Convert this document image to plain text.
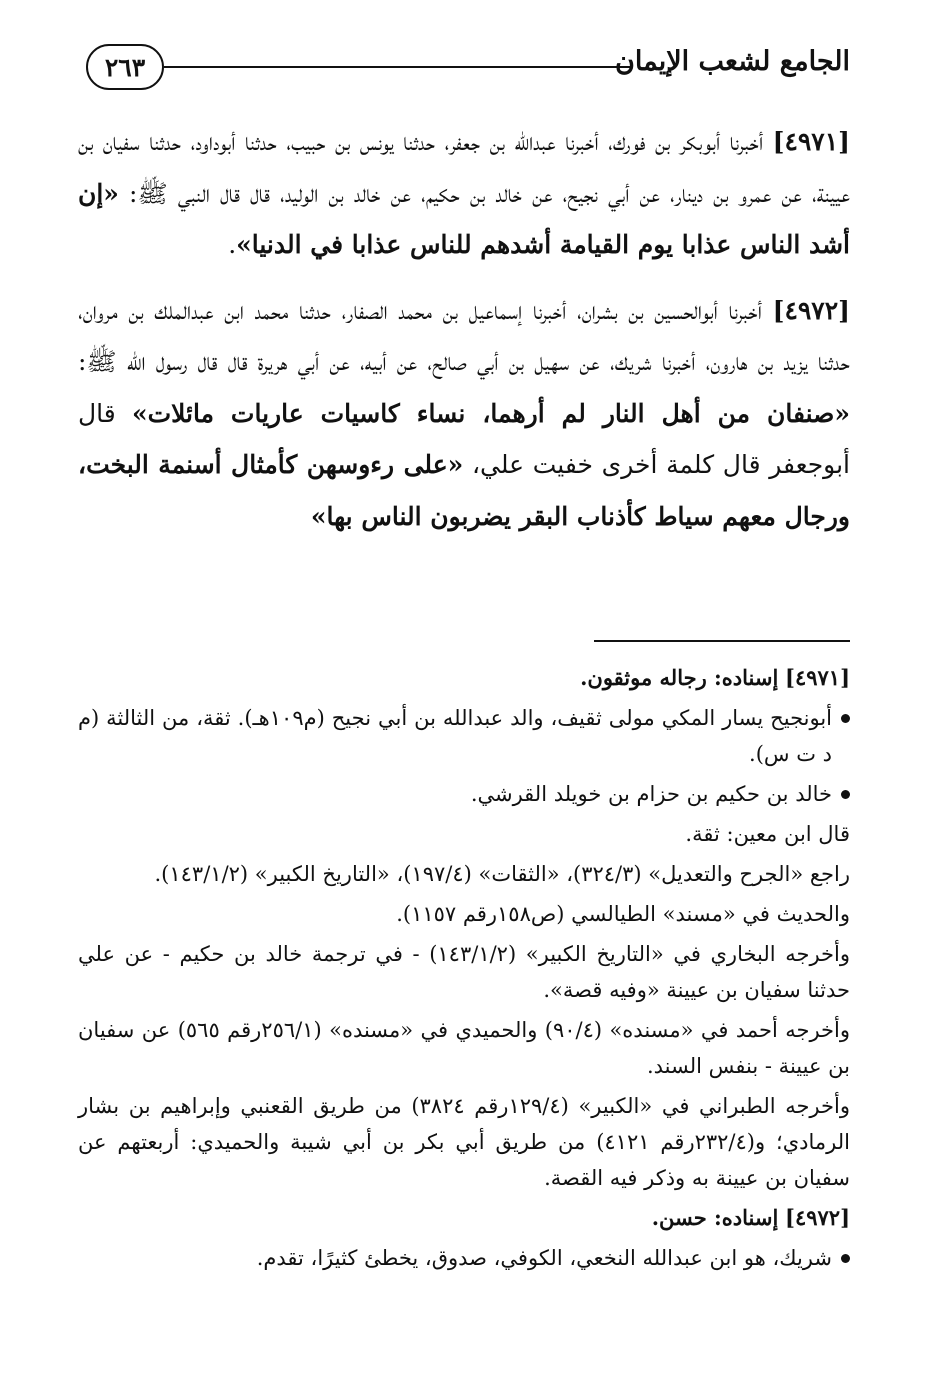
٢٦٣	الجامع لشعب الإيمان

[٤٩٧١] أخبرنا أبوبكر بن فورك، أخبرنا عبدالله بن جعفر، حدثنا يونس بن حبيب، حدثنا أبوداود، حدثنا سفيان بن عيينة، عن عمرو بن دينار، عن أبي نجيح، عن خالد بن حكيم، عن خالد بن الوليد، قال قال النبي ﷺ: «إن أشد الناس عذابا يوم القيامة أشدهم للناس عذابا في الدنيا».

[٤٩٧٢] أخبرنا أبوالحسين بن بشران، أخبرنا إسماعيل بن محمد الصفار، حدثنا محمد ابن عبدالملك بن مروان، حدثنا يزيد بن هارون، أخبرنا شريك، عن سهيل بن أبي صالح، عن أبيه، عن أبي هريرة قال قال رسول الله ﷺ: «صنفان من أهل النار لم أرهما، نساء كاسيات عاريات مائلات» قال أبوجعفر قال كلمة أخرى خفيت علي، «على رءوسهن كأمثال أسنمة البخت، ورجال معهم سياط كأذناب البقر يضربون الناس بها»

[٤٩٧١] إسناده: رجاله موثقون.

أبونجيح يسار المكي مولى ثقيف، والد عبدالله بن أبي نجيح (م١٠٩هـ). ثقة، من الثالثة (م د ت س).

خالد بن حكيم بن حزام بن خويلد القرشي.

قال ابن معين: ثقة.

راجع «الجرح والتعديل» (٣٢٤/٣)، «الثقات» (١٩٧/٤)، «التاريخ الكبير» (١٤٣/١/٢).

والحديث في «مسند» الطيالسي (ص١٥٨رقم ١١٥٧).

وأخرجه البخاري في «التاريخ الكبير» (١٤٣/١/٢) - في ترجمة خالد بن حكيم - عن علي حدثنا سفيان بن عيينة «وفيه قصة».

وأخرجه أحمد في «مسنده» (٩٠/٤) والحميدي في «مسنده» (٢٥٦/١رقم ٥٦٥) عن سفيان بن عيينة - بنفس السند.

وأخرجه الطبراني في «الكبير» (١٢٩/٤رقم ٣٨٢٤) من طريق القعنبي وإبراهيم بن بشار الرمادي؛ و(٢٣٢/٤رقم ٤١٢١) من طريق أبي بكر بن أبي شيبة والحميدي: أربعتهم عن سفيان بن عيينة به وذكر فيه القصة.

[٤٩٧٢] إسناده: حسن.

شريك، هو ابن عبدالله النخعي، الكوفي، صدوق، يخطئ كثيرًا، تقدم.
